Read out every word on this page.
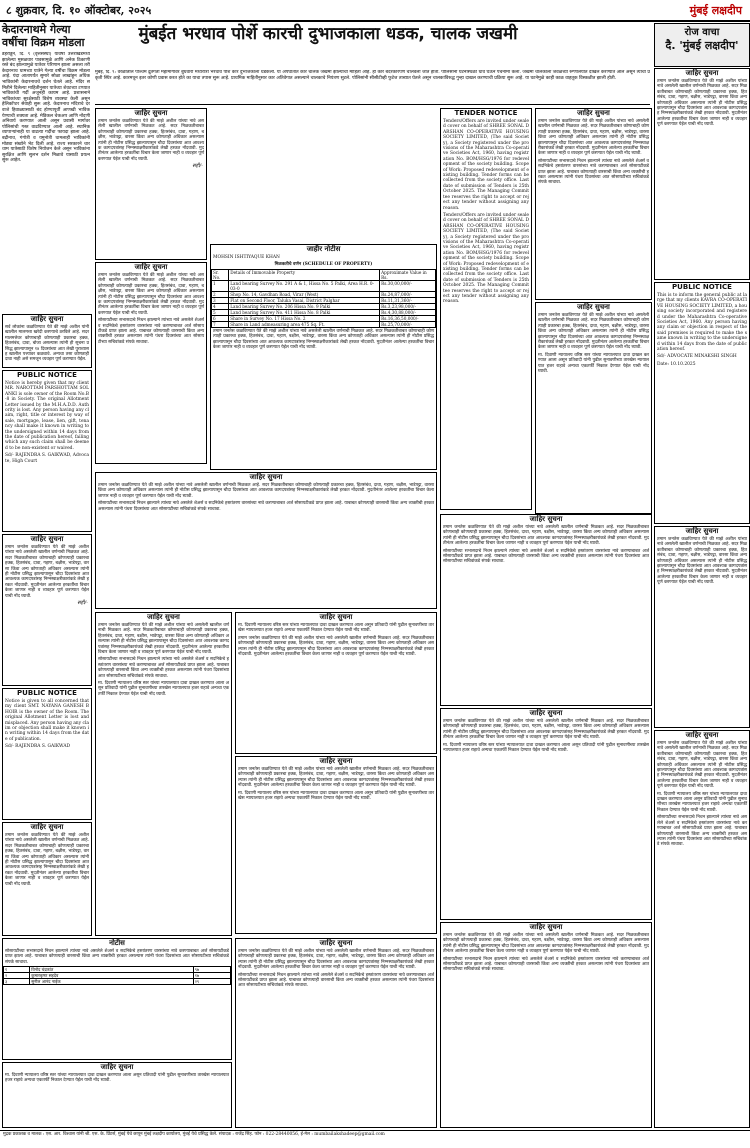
८ शुक्रवार, दि. १० ऑक्टोबर, २०२५	मुंबई लक्षदीप
केदारनाथमे गेल्या वर्षीचा विक्रम मोडला
डेहराडून, दि. ९ (वृत्तसंस्था) यावर्षी उत्तराखंडमध्ये झालेल्या मुसळधार पावसामुळे आणि अनेक ठिकाणी रस्ते बंद झाल्यामुळे यात्रेवर परिणाम झाला असला तरी केदारनाथ धामच्या यात्रेने गेल्या वर्षीचा विक्रम मोडला आहे. यंदा आतापर्यंत सुमारे सोळा लाखांहून अधिक भाविकांनी केदारनाथचे दर्शन घेतले आहे. मंदिर समितीने दिलेल्या माहितीनुसार यात्रेच्या शेवटच्या टप्प्यात भाविकांची गर्दी अजूनही कायम आहे. प्रशासनाने भाविकांच्या सुरक्षेसाठी विशेष व्यवस्था केली असून हेलिकॉप्टर सेवाही सुरू आहे. केदारनाथ मंदिराचे दरवाजे हिवाळ्यासाठी बंद होण्यापूर्वी आणखी भाविक येण्याची शक्यता आहे. मेडिकल चेकअप आणि नोंदणी अनिवार्य करण्यात आली असून प्रवासी मार्गावर पोलिसांची गस्त वाढविण्यात आली आहे. स्थानिक व्यापाऱ्यांनाही या वाढत्या गर्दीचा फायदा झाला आहे. बद्रीनाथ, गंगोत्री व यमुनोत्री धामलाही भाविकांनी मोठ्या संख्येने भेट दिली आहे. राज्य सरकारने चारधाम यात्रेसाठी विशेष नियोजन केले असून भाविकांना सुरक्षित आणि सुलभ दर्शन मिळावे यासाठी प्रयत्न सुरू आहेत.
मुंबईत भरधाव पोर्शे कारची दुभाजकाला धडक, चालक जखमी
मुंबई, दि. ९: वरळीतील पश्चिम द्रुतगती महामार्गावर बुधवारी मध्यरात्री भरधाव पोर्शे कार दुभाजकाला धडकली. या अपघातात कार चालक जखमी झाल्याची माहिती आहे. ही कार बेदरकारपणे चालवली जात होती. पोलिसांनी घटनास्थळी धाव घेऊन पंचनामा केला. जखमी चालकाला जवळच्या रुग्णालयात दाखल करण्यात आले असून त्याची प्रकृती स्थिर आहे. कारमधून इतर कोणी प्रवास करत होते का याचा तपास सुरू आहे. प्राथमिक माहितीनुसार कार अतिवेगात असल्याने चालकाचे नियंत्रण सुटले. पोलिसांनी सीसीटीव्ही फुटेज ताब्यात घेतले असून चालकाविरुद्ध गुन्हा दाखल करण्याची प्रक्रिया सुरू आहे. या घटनेमुळे काही काळ वाहतूक विस्कळीत झाली होती.
रोज वाचा
दै. 'मुंबई लक्षदीप'
जाहिर सुचना
सर्व लोकांना कळविण्यात येते की माझे अशील यांनी खालील मालमत्ता खरेदी करण्याचे ठरविले आहे. सदर मालमत्तेवर कोणाचाही कोणत्याही प्रकारचा हक्क, हितसंबंध, दावा, बोजा असल्यास त्यांनी ही सूचना प्रसिद्ध झाल्यापासून १४ दिवसांच्या आत लेखी पुराव्यासह खालील पत्त्यावर कळवावे. अन्यथा तसा कोणताही दावा नाही असे समजून व्यवहार पूर्ण करण्यात येईल.
PUBLIC NOTICE
Notice is hereby given that my client MR. NAROTTAM PARSHOTTAM SOLANKI is sole owner of the Room No.B-8 in Society. The original Allotment Letter issued by the M.H.A.D.D. Authority is lost. Any person having any claim, right, title or interest by way of sale, mortgage, lease, lien, gift, tenancy shall make it known in writing to the undersigned within 14 days from the date of publication hereof, failing which any such claim shall be deemed to be non-existent or waived.
Sd/- RAJENDRA S. GAIKWAD, Advocate, High Court
जाहिर सुचना
तमाम जनतेस कळविण्यात येते की माझे अशील यांच्या नावे असलेली खालील वर्णनाची मिळकत आहे. सदर मिळकतीबाबत कोणाचाही कोणत्याही प्रकारचा हक्क, हितसंबंध, दावा, गहाण, बक्षीस, भाडेपट्टा, वारसा किंवा अन्य कोणताही अधिकार असल्यास त्यांनी ही नोटीस प्रसिद्ध झाल्यापासून चौदा दिवसांच्या आत आवश्यक कागदपत्रांसह निम्नस्वाक्षरीकारांकडे लेखी हरकत नोंदवावी. मुदतीनंतर आलेल्या हरकतींचा विचार केला जाणार नाही व व्यवहार पूर्ण करण्यात येईल याची नोंद घ्यावी.
सही/-
PUBLIC NOTICE
Notice is given to all concerned that my client SMT. NAYANA GANESH BHOIR is the owner of the Room. The original Allotment Letter is lost and misplaced. Any person having any claim or objection shall make it known in writing within 14 days from the date of publication.
Sd/- RAJENDRA S. GAIKWAD
जाहिर सुचना
तमाम जनतेस कळविण्यात येते की माझे अशील यांच्या नावे असलेली खालील वर्णनाची मिळकत आहे. सदर मिळकतीबाबत कोणाचाही कोणत्याही प्रकारचा हक्क, हितसंबंध, दावा, गहाण, बक्षीस, भाडेपट्टा, वारसा किंवा अन्य कोणताही अधिकार असल्यास त्यांनी ही नोटीस प्रसिद्ध झाल्यापासून चौदा दिवसांच्या आत आवश्यक कागदपत्रांसह निम्नस्वाक्षरीकारांकडे लेखी हरकत नोंदवावी. मुदतीनंतर आलेल्या हरकतींचा विचार केला जाणार नाही व व्यवहार पूर्ण करण्यात येईल याची नोंद घ्यावी.
नोटीस
सोसायटीच्या सभासदाचे निधन झाल्याने त्यांच्या नावे असलेले शेअर्स व सदनिकेचे हस्तांतरण वारसांच्या नावे करण्याबाबत अर्ज सोसायटीकडे प्राप्त झाला आहे. याबाबत कोणत्याही वारसाची किंवा अन्य व्यक्तीची हरकत असल्यास त्यांनी पंधरा दिवसांच्या आत सोसायटीच्या सचिवांकडे संपर्क साधावा.
१	विनोद चंद्रकांत	९७
२	कुमारकृष्ण सहदेव	१७
३	सुनील आनंद नाईक	२९
जाहिर सुचना
मा. दिवाणी न्यायालय वरिष्ठ स्तर यांच्या न्यायालयात दावा दाखल करण्यात आला असून प्रतिवादी यांनी पुढील सुनावणीच्या तारखेस न्यायालयात हजर राहावे अन्यथा एकतर्फी निकाल देण्यात येईल याची नोंद घ्यावी.
जाहिर सुचना
तमाम जनतेस कळविण्यात येते की माझे अशील यांच्या नावे असलेली खालील वर्णनाची मिळकत आहे. सदर मिळकतीबाबत कोणाचाही कोणत्याही प्रकारचा हक्क, हितसंबंध, दावा, गहाण, बक्षीस, भाडेपट्टा, वारसा किंवा अन्य कोणताही अधिकार असल्यास त्यांनी ही नोटीस प्रसिद्ध झाल्यापासून चौदा दिवसांच्या आत आवश्यक कागदपत्रांसह निम्नस्वाक्षरीकारांकडे लेखी हरकत नोंदवावी. मुदतीनंतर आलेल्या हरकतींचा विचार केला जाणार नाही व व्यवहार पूर्ण करण्यात येईल याची नोंद घ्यावी.
सही/-
जाहीर नोटीस
MOHSIN ISHTIYAQUE KHAN
मिळकतीचे वर्णन (SCHEDULE OF PROPERTY)
Sr. No.	Details of Immovable Property	Approximate Value in Rs.
1	Land bearing Survey No. 291 A & 1, Hissa No. 5 Palki, Area H.R. 0-03-0	Rs.30,00,000/-
2	Shop No. 14, Gavdhan Road, Virar (West)	Rs.24,87,000/-
3	Flat on Second Floor, Taluka Vasai, District Palghar	Rs.11,31,360/-
4	Land bearing Survey No. 206 Hissa No. 9 Palki	Rs.3,23,98,000/-
5	Land bearing Survey No. 411 Hissa No. 8 Palki	Rs.4,30,88,000/-
6	Share in Survey No. 17 Hissa No. 2	Rs.16,36,50,000/-
7	Share in Land admeasuring area 475 Sq. Ft.	Rs.25,70,000/-
तमाम जनतेस कळविण्यात येते की माझे अशील यांच्या नावे असलेली खालील वर्णनाची मिळकत आहे. सदर मिळकतीबाबत कोणाचाही कोणत्याही प्रकारचा हक्क, हितसंबंध, दावा, गहाण, बक्षीस, भाडेपट्टा, वारसा किंवा अन्य कोणताही अधिकार असल्यास त्यांनी ही नोटीस प्रसिद्ध झाल्यापासून चौदा दिवसांच्या आत आवश्यक कागदपत्रांसह निम्नस्वाक्षरीकारांकडे लेखी हरकत नोंदवावी. मुदतीनंतर आलेल्या हरकतींचा विचार केला जाणार नाही व व्यवहार पूर्ण करण्यात येईल याची नोंद घ्यावी.
जाहिर सुचना
तमाम जनतेस कळविण्यात येते की माझे अशील यांच्या नावे असलेली खालील वर्णनाची मिळकत आहे. सदर मिळकतीबाबत कोणाचाही कोणत्याही प्रकारचा हक्क, हितसंबंध, दावा, गहाण, बक्षीस, भाडेपट्टा, वारसा किंवा अन्य कोणताही अधिकार असल्यास त्यांनी ही नोटीस प्रसिद्ध झाल्यापासून चौदा दिवसांच्या आत आवश्यक कागदपत्रांसह निम्नस्वाक्षरीकारांकडे लेखी हरकत नोंदवावी. मुदतीनंतर आलेल्या हरकतींचा विचार केला जाणार नाही व व्यवहार पूर्ण करण्यात येईल याची नोंद घ्यावी.
सोसायटीच्या सभासदाचे निधन झाल्याने त्यांच्या नावे असलेले शेअर्स व सदनिकेचे हस्तांतरण वारसांच्या नावे करण्याबाबत अर्ज सोसायटीकडे प्राप्त झाला आहे. याबाबत कोणत्याही वारसाची किंवा अन्य व्यक्तीची हरकत असल्यास त्यांनी पंधरा दिवसांच्या आत सोसायटीच्या सचिवांकडे संपर्क साधावा.
जाहिर सुचना
तमाम जनतेस कळविण्यात येते की माझे अशील यांच्या नावे असलेली खालील वर्णनाची मिळकत आहे. सदर मिळकतीबाबत कोणाचाही कोणत्याही प्रकारचा हक्क, हितसंबंध, दावा, गहाण, बक्षीस, भाडेपट्टा, वारसा किंवा अन्य कोणताही अधिकार असल्यास त्यांनी ही नोटीस प्रसिद्ध झाल्यापासून चौदा दिवसांच्या आत आवश्यक कागदपत्रांसह निम्नस्वाक्षरीकारांकडे लेखी हरकत नोंदवावी. मुदतीनंतर आलेल्या हरकतींचा विचार केला जाणार नाही व व्यवहार पूर्ण करण्यात येईल याची नोंद घ्यावी.
सोसायटीच्या सभासदाचे निधन झाल्याने त्यांच्या नावे असलेले शेअर्स व सदनिकेचे हस्तांतरण वारसांच्या नावे करण्याबाबत अर्ज सोसायटीकडे प्राप्त झाला आहे. याबाबत कोणत्याही वारसाची किंवा अन्य व्यक्तीची हरकत असल्यास त्यांनी पंधरा दिवसांच्या आत सोसायटीच्या सचिवांकडे संपर्क साधावा.
जाहिर सुचना
मा. दिवाणी न्यायालय वरिष्ठ स्तर यांच्या न्यायालयात दावा दाखल करण्यात आला असून प्रतिवादी यांनी पुढील सुनावणीच्या तारखेस न्यायालयात हजर राहावे अन्यथा एकतर्फी निकाल देण्यात येईल याची नोंद घ्यावी.
तमाम जनतेस कळविण्यात येते की माझे अशील यांच्या नावे असलेली खालील वर्णनाची मिळकत आहे. सदर मिळकतीबाबत कोणाचाही कोणत्याही प्रकारचा हक्क, हितसंबंध, दावा, गहाण, बक्षीस, भाडेपट्टा, वारसा किंवा अन्य कोणताही अधिकार असल्यास त्यांनी ही नोटीस प्रसिद्ध झाल्यापासून चौदा दिवसांच्या आत आवश्यक कागदपत्रांसह निम्नस्वाक्षरीकारांकडे लेखी हरकत नोंदवावी. मुदतीनंतर आलेल्या हरकतींचा विचार केला जाणार नाही व व्यवहार पूर्ण करण्यात येईल याची नोंद घ्यावी.
जाहिर सुचना
तमाम जनतेस कळविण्यात येते की माझे अशील यांच्या नावे असलेली खालील वर्णनाची मिळकत आहे. सदर मिळकतीबाबत कोणाचाही कोणत्याही प्रकारचा हक्क, हितसंबंध, दावा, गहाण, बक्षीस, भाडेपट्टा, वारसा किंवा अन्य कोणताही अधिकार असल्यास त्यांनी ही नोटीस प्रसिद्ध झाल्यापासून चौदा दिवसांच्या आत आवश्यक कागदपत्रांसह निम्नस्वाक्षरीकारांकडे लेखी हरकत नोंदवावी. मुदतीनंतर आलेल्या हरकतींचा विचार केला जाणार नाही व व्यवहार पूर्ण करण्यात येईल याची नोंद घ्यावी.
सोसायटीच्या सभासदाचे निधन झाल्याने त्यांच्या नावे असलेले शेअर्स व सदनिकेचे हस्तांतरण वारसांच्या नावे करण्याबाबत अर्ज सोसायटीकडे प्राप्त झाला आहे. याबाबत कोणत्याही वारसाची किंवा अन्य व्यक्तीची हरकत असल्यास त्यांनी पंधरा दिवसांच्या आत सोसायटीच्या सचिवांकडे संपर्क साधावा.
मा. दिवाणी न्यायालय वरिष्ठ स्तर यांच्या न्यायालयात दावा दाखल करण्यात आला असून प्रतिवादी यांनी पुढील सुनावणीच्या तारखेस न्यायालयात हजर राहावे अन्यथा एकतर्फी निकाल देण्यात येईल याची नोंद घ्यावी.
जाहिर सुचना
तमाम जनतेस कळविण्यात येते की माझे अशील यांच्या नावे असलेली खालील वर्णनाची मिळकत आहे. सदर मिळकतीबाबत कोणाचाही कोणत्याही प्रकारचा हक्क, हितसंबंध, दावा, गहाण, बक्षीस, भाडेपट्टा, वारसा किंवा अन्य कोणताही अधिकार असल्यास त्यांनी ही नोटीस प्रसिद्ध झाल्यापासून चौदा दिवसांच्या आत आवश्यक कागदपत्रांसह निम्नस्वाक्षरीकारांकडे लेखी हरकत नोंदवावी. मुदतीनंतर आलेल्या हरकतींचा विचार केला जाणार नाही व व्यवहार पूर्ण करण्यात येईल याची नोंद घ्यावी.
मा. दिवाणी न्यायालय वरिष्ठ स्तर यांच्या न्यायालयात दावा दाखल करण्यात आला असून प्रतिवादी यांनी पुढील सुनावणीच्या तारखेस न्यायालयात हजर राहावे अन्यथा एकतर्फी निकाल देण्यात येईल याची नोंद घ्यावी.
जाहिर सुचना
तमाम जनतेस कळविण्यात येते की माझे अशील यांच्या नावे असलेली खालील वर्णनाची मिळकत आहे. सदर मिळकतीबाबत कोणाचाही कोणत्याही प्रकारचा हक्क, हितसंबंध, दावा, गहाण, बक्षीस, भाडेपट्टा, वारसा किंवा अन्य कोणताही अधिकार असल्यास त्यांनी ही नोटीस प्रसिद्ध झाल्यापासून चौदा दिवसांच्या आत आवश्यक कागदपत्रांसह निम्नस्वाक्षरीकारांकडे लेखी हरकत नोंदवावी. मुदतीनंतर आलेल्या हरकतींचा विचार केला जाणार नाही व व्यवहार पूर्ण करण्यात येईल याची नोंद घ्यावी.
सोसायटीच्या सभासदाचे निधन झाल्याने त्यांच्या नावे असलेले शेअर्स व सदनिकेचे हस्तांतरण वारसांच्या नावे करण्याबाबत अर्ज सोसायटीकडे प्राप्त झाला आहे. याबाबत कोणत्याही वारसाची किंवा अन्य व्यक्तीची हरकत असल्यास त्यांनी पंधरा दिवसांच्या आत सोसायटीच्या सचिवांकडे संपर्क साधावा.
TENDER NOTICE
Tenders/Offers are invited under sealed cover on behalf of SHREE SONAL DARSHAN CO-OPERATIVE HOUSING SOCIETY LIMITED, (The said Society), a Society registered under the provisions of the Maharashtra Co-operative Societies Act, 1960, having registration No. BOM/HSG/1976 for redevelopment of the society building. Scope of Work: Proposed redevelopment of existing building. Tender forms can be collected from the society office. Last date of submission of Tenders is 25th October 2025. The Managing Committee reserves the right to accept or reject any tender without assigning any reason.
Tenders/Offers are invited under sealed cover on behalf of SHREE SONAL DARSHAN CO-OPERATIVE HOUSING SOCIETY LIMITED, (The said Society), a Society registered under the provisions of the Maharashtra Co-operative Societies Act, 1960, having registration No. BOM/HSG/1976 for redevelopment of the society building. Scope of Work: Proposed redevelopment of existing building. Tender forms can be collected from the society office. Last date of submission of Tenders is 25th October 2025. The Managing Committee reserves the right to accept or reject any tender without assigning any reason.
जाहिर सुचना
तमाम जनतेस कळविण्यात येते की माझे अशील यांच्या नावे असलेली खालील वर्णनाची मिळकत आहे. सदर मिळकतीबाबत कोणाचाही कोणत्याही प्रकारचा हक्क, हितसंबंध, दावा, गहाण, बक्षीस, भाडेपट्टा, वारसा किंवा अन्य कोणताही अधिकार असल्यास त्यांनी ही नोटीस प्रसिद्ध झाल्यापासून चौदा दिवसांच्या आत आवश्यक कागदपत्रांसह निम्नस्वाक्षरीकारांकडे लेखी हरकत नोंदवावी. मुदतीनंतर आलेल्या हरकतींचा विचार केला जाणार नाही व व्यवहार पूर्ण करण्यात येईल याची नोंद घ्यावी.
सोसायटीच्या सभासदाचे निधन झाल्याने त्यांच्या नावे असलेले शेअर्स व सदनिकेचे हस्तांतरण वारसांच्या नावे करण्याबाबत अर्ज सोसायटीकडे प्राप्त झाला आहे. याबाबत कोणत्याही वारसाची किंवा अन्य व्यक्तीची हरकत असल्यास त्यांनी पंधरा दिवसांच्या आत सोसायटीच्या सचिवांकडे संपर्क साधावा.
जाहिर सुचना
तमाम जनतेस कळविण्यात येते की माझे अशील यांच्या नावे असलेली खालील वर्णनाची मिळकत आहे. सदर मिळकतीबाबत कोणाचाही कोणत्याही प्रकारचा हक्क, हितसंबंध, दावा, गहाण, बक्षीस, भाडेपट्टा, वारसा किंवा अन्य कोणताही अधिकार असल्यास त्यांनी ही नोटीस प्रसिद्ध झाल्यापासून चौदा दिवसांच्या आत आवश्यक कागदपत्रांसह निम्नस्वाक्षरीकारांकडे लेखी हरकत नोंदवावी. मुदतीनंतर आलेल्या हरकतींचा विचार केला जाणार नाही व व्यवहार पूर्ण करण्यात येईल याची नोंद घ्यावी.
मा. दिवाणी न्यायालय वरिष्ठ स्तर यांच्या न्यायालयात दावा दाखल करण्यात आला असून प्रतिवादी यांनी पुढील सुनावणीच्या तारखेस न्यायालयात हजर राहावे अन्यथा एकतर्फी निकाल देण्यात येईल याची नोंद घ्यावी.
जाहिर सुचना
तमाम जनतेस कळविण्यात येते की माझे अशील यांच्या नावे असलेली खालील वर्णनाची मिळकत आहे. सदर मिळकतीबाबत कोणाचाही कोणत्याही प्रकारचा हक्क, हितसंबंध, दावा, गहाण, बक्षीस, भाडेपट्टा, वारसा किंवा अन्य कोणताही अधिकार असल्यास त्यांनी ही नोटीस प्रसिद्ध झाल्यापासून चौदा दिवसांच्या आत आवश्यक कागदपत्रांसह निम्नस्वाक्षरीकारांकडे लेखी हरकत नोंदवावी. मुदतीनंतर आलेल्या हरकतींचा विचार केला जाणार नाही व व्यवहार पूर्ण करण्यात येईल याची नोंद घ्यावी.
सोसायटीच्या सभासदाचे निधन झाल्याने त्यांच्या नावे असलेले शेअर्स व सदनिकेचे हस्तांतरण वारसांच्या नावे करण्याबाबत अर्ज सोसायटीकडे प्राप्त झाला आहे. याबाबत कोणत्याही वारसाची किंवा अन्य व्यक्तीची हरकत असल्यास त्यांनी पंधरा दिवसांच्या आत सोसायटीच्या सचिवांकडे संपर्क साधावा.
जाहिर सुचना
तमाम जनतेस कळविण्यात येते की माझे अशील यांच्या नावे असलेली खालील वर्णनाची मिळकत आहे. सदर मिळकतीबाबत कोणाचाही कोणत्याही प्रकारचा हक्क, हितसंबंध, दावा, गहाण, बक्षीस, भाडेपट्टा, वारसा किंवा अन्य कोणताही अधिकार असल्यास त्यांनी ही नोटीस प्रसिद्ध झाल्यापासून चौदा दिवसांच्या आत आवश्यक कागदपत्रांसह निम्नस्वाक्षरीकारांकडे लेखी हरकत नोंदवावी. मुदतीनंतर आलेल्या हरकतींचा विचार केला जाणार नाही व व्यवहार पूर्ण करण्यात येईल याची नोंद घ्यावी.
मा. दिवाणी न्यायालय वरिष्ठ स्तर यांच्या न्यायालयात दावा दाखल करण्यात आला असून प्रतिवादी यांनी पुढील सुनावणीच्या तारखेस न्यायालयात हजर राहावे अन्यथा एकतर्फी निकाल देण्यात येईल याची नोंद घ्यावी.
जाहिर सुचना
तमाम जनतेस कळविण्यात येते की माझे अशील यांच्या नावे असलेली खालील वर्णनाची मिळकत आहे. सदर मिळकतीबाबत कोणाचाही कोणत्याही प्रकारचा हक्क, हितसंबंध, दावा, गहाण, बक्षीस, भाडेपट्टा, वारसा किंवा अन्य कोणताही अधिकार असल्यास त्यांनी ही नोटीस प्रसिद्ध झाल्यापासून चौदा दिवसांच्या आत आवश्यक कागदपत्रांसह निम्नस्वाक्षरीकारांकडे लेखी हरकत नोंदवावी. मुदतीनंतर आलेल्या हरकतींचा विचार केला जाणार नाही व व्यवहार पूर्ण करण्यात येईल याची नोंद घ्यावी.
सोसायटीच्या सभासदाचे निधन झाल्याने त्यांच्या नावे असलेले शेअर्स व सदनिकेचे हस्तांतरण वारसांच्या नावे करण्याबाबत अर्ज सोसायटीकडे प्राप्त झाला आहे. याबाबत कोणत्याही वारसाची किंवा अन्य व्यक्तीची हरकत असल्यास त्यांनी पंधरा दिवसांच्या आत सोसायटीच्या सचिवांकडे संपर्क साधावा.
जाहिर सुचना
तमाम जनतेस कळविण्यात येते की माझे अशील यांच्या नावे असलेली खालील वर्णनाची मिळकत आहे. सदर मिळकतीबाबत कोणाचाही कोणत्याही प्रकारचा हक्क, हितसंबंध, दावा, गहाण, बक्षीस, भाडेपट्टा, वारसा किंवा अन्य कोणताही अधिकार असल्यास त्यांनी ही नोटीस प्रसिद्ध झाल्यापासून चौदा दिवसांच्या आत आवश्यक कागदपत्रांसह निम्नस्वाक्षरीकारांकडे लेखी हरकत नोंदवावी. मुदतीनंतर आलेल्या हरकतींचा विचार केला जाणार नाही व व्यवहार पूर्ण करण्यात येईल याची नोंद घ्यावी.
PUBLIC NOTICE
This is to inform the general public at large that my clients KAVRA CO-OPERATIVE HOUSING SOCIETY LIMITED, a housing society incorporated and registered under the Maharashtra Co-operative Societies Act, 1960. Any person having any claim or objection in respect of the said premises is required to make the same known in writing to the undersigned within 14 days from the date of publication hereof.
Sd/- ADVOCATE MINAKSHI SINGH
Date: 10.10.2025
जाहिर सुचना
तमाम जनतेस कळविण्यात येते की माझे अशील यांच्या नावे असलेली खालील वर्णनाची मिळकत आहे. सदर मिळकतीबाबत कोणाचाही कोणत्याही प्रकारचा हक्क, हितसंबंध, दावा, गहाण, बक्षीस, भाडेपट्टा, वारसा किंवा अन्य कोणताही अधिकार असल्यास त्यांनी ही नोटीस प्रसिद्ध झाल्यापासून चौदा दिवसांच्या आत आवश्यक कागदपत्रांसह निम्नस्वाक्षरीकारांकडे लेखी हरकत नोंदवावी. मुदतीनंतर आलेल्या हरकतींचा विचार केला जाणार नाही व व्यवहार पूर्ण करण्यात येईल याची नोंद घ्यावी.
जाहिर सुचना
तमाम जनतेस कळविण्यात येते की माझे अशील यांच्या नावे असलेली खालील वर्णनाची मिळकत आहे. सदर मिळकतीबाबत कोणाचाही कोणत्याही प्रकारचा हक्क, हितसंबंध, दावा, गहाण, बक्षीस, भाडेपट्टा, वारसा किंवा अन्य कोणताही अधिकार असल्यास त्यांनी ही नोटीस प्रसिद्ध झाल्यापासून चौदा दिवसांच्या आत आवश्यक कागदपत्रांसह निम्नस्वाक्षरीकारांकडे लेखी हरकत नोंदवावी. मुदतीनंतर आलेल्या हरकतींचा विचार केला जाणार नाही व व्यवहार पूर्ण करण्यात येईल याची नोंद घ्यावी.
मा. दिवाणी न्यायालय वरिष्ठ स्तर यांच्या न्यायालयात दावा दाखल करण्यात आला असून प्रतिवादी यांनी पुढील सुनावणीच्या तारखेस न्यायालयात हजर राहावे अन्यथा एकतर्फी निकाल देण्यात येईल याची नोंद घ्यावी.
सोसायटीच्या सभासदाचे निधन झाल्याने त्यांच्या नावे असलेले शेअर्स व सदनिकेचे हस्तांतरण वारसांच्या नावे करण्याबाबत अर्ज सोसायटीकडे प्राप्त झाला आहे. याबाबत कोणत्याही वारसाची किंवा अन्य व्यक्तीची हरकत असल्यास त्यांनी पंधरा दिवसांच्या आत सोसायटीच्या सचिवांकडे संपर्क साधावा.
मुद्रक प्रकाशक व मालक : एस. आर. विश्वास यांनी श्री. एस. के. प्रिंटर्स, मुंबई येथे छापून मुंबई लक्षदीप कार्यालय, मुंबई येथे प्रसिद्ध केले. संपादक : राजेंद्र सिंह. फोन : 022-28440056, ई-मेल : mumbailakshadeep@gmail.com
